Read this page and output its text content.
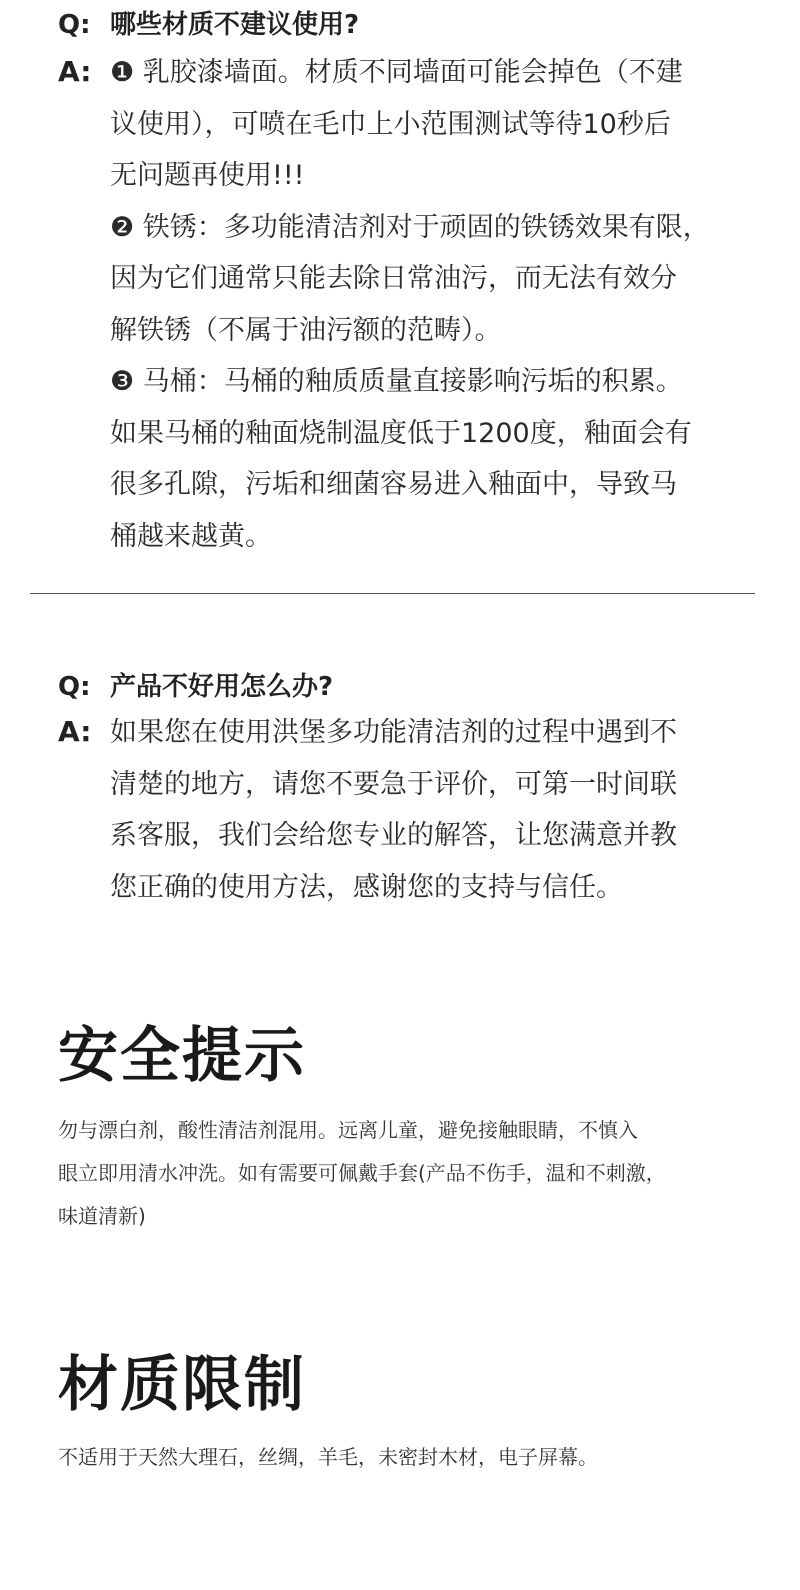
Q: 哪些材质不建议使用?
A: ❶ 乳胶漆墙面。材质不同墙面可能会掉色（不建
议使用），可喷在毛巾上小范围测试等待10秒后
无问题再使用!!!
❷ 铁锈：多功能清洁剂对于顽固的铁锈效果有限，
因为它们通常只能去除日常油污，而无法有效分
解铁锈（不属于油污额的范畴）。
❸ 马桶：马桶的釉质质量直接影响污垢的积累。
如果马桶的釉面烧制温度低于1200度，釉面会有
很多孔隙，污垢和细菌容易进入釉面中，导致马
桶越来越黄。
Q: 产品不好用怎么办?
A: 如果您在使用洪堡多功能清洁剂的过程中遇到不
清楚的地方，请您不要急于评价，可第一时间联
系客服，我们会给您专业的解答，让您满意并教
您正确的使用方法，感谢您的支持与信任。
安全提示
勿与漂白剂，酸性清洁剂混用。远离儿童，避免接触眼睛，不慎入
眼立即用清水冲洗。如有需要可佩戴手套(产品不伤手，温和不刺激，
味道清新)
材质限制
不适用于天然大理石，丝绸，羊毛，未密封木材，电子屏幕。
